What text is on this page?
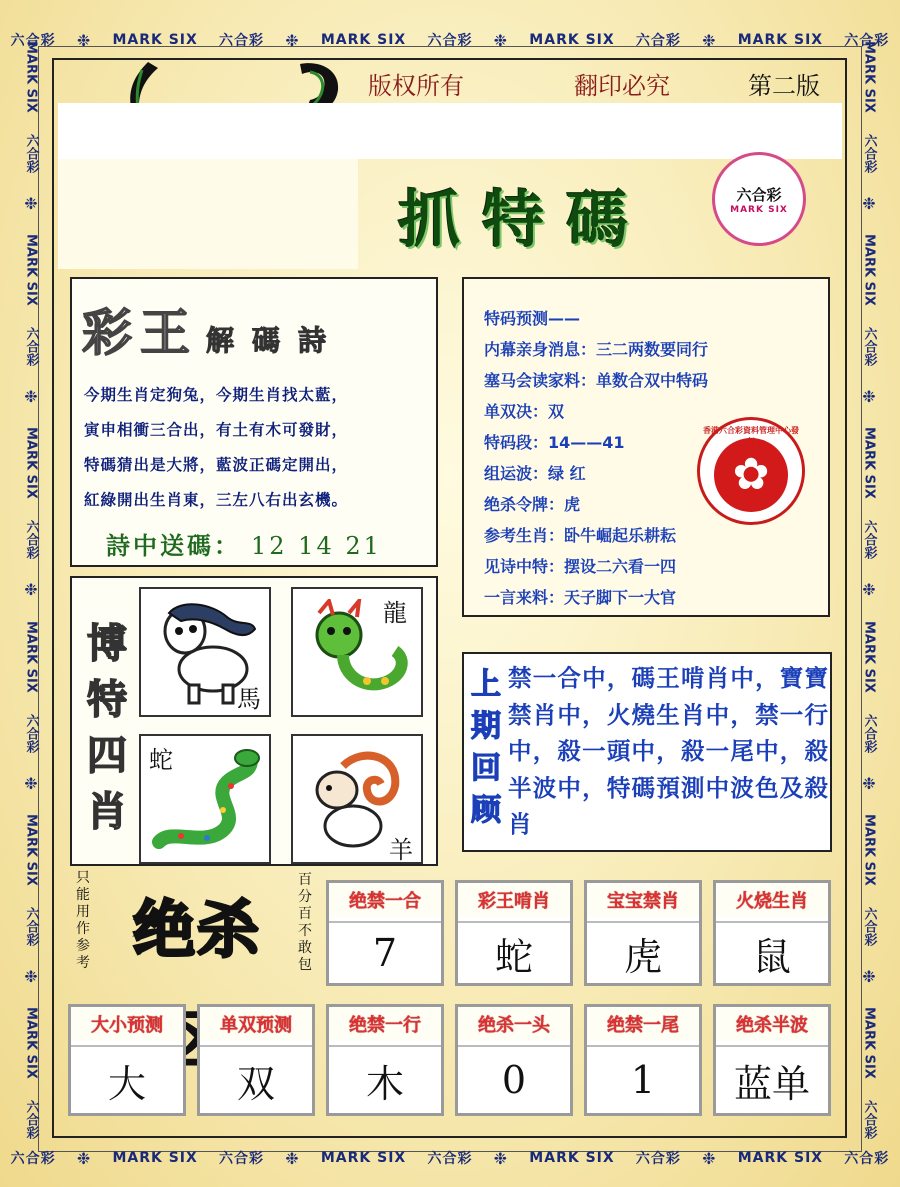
六合彩 ❉ MARK SIX 六合彩 ❉ MARK SIX 六合彩 ❉ MARK SIX 六合彩 ❉ MARK SIX 六合彩
六合彩 ❉ MARK SIX 六合彩 ❉ MARK SIX 六合彩 ❉ MARK SIX 六合彩 ❉ MARK SIX 六合彩
MARK SIX
六合彩
❉
MARK SIX
六合彩
❉
MARK SIX
六合彩
❉
MARK SIX
六合彩
❉
MARK SIX
六合彩
❉
MARK SIX
六合彩
MARK SIX
六合彩
❉
MARK SIX
六合彩
❉
MARK SIX
六合彩
❉
MARK SIX
六合彩
❉
MARK SIX
六合彩
❉
MARK SIX
六合彩
版权所有	翻印必究	第二版
抓特碼	六合彩
MARK SIX
彩王 解碼詩
今期生肖定狗兔，今期生肖找太藍，
寅申相衝三合出，有土有木可發財，
特碼猜出是大將，藍波正碼定開出，
紅綠開出生肖東，三左八右出玄機。
詩中送碼： 12 14 21
特码预测——
内幕亲身消息：三二两数要同行
塞马会读家料：单数合双中特码
单双决：双
特码段：14——41
组运波：绿 红
绝杀令牌：虎
参考生肖：卧牛崛起乐耕耘
见诗中特：摆设二六看一四
一言来料：天子脚下一大官
香港六合彩資料管理中心發行
✿
博
特
四
肖
馬
龍
蛇
羊
上
期
回
顾
禁一合中，碼王啃肖中，寶寶禁肖中，火燒生肖中，禁一行中，殺一頭中，殺一尾中，殺半波中，特碼預測中波色及殺肖
只
能
用
作
参
考 绝杀
百
分
百
不
敢
包
绝禁一合
7
彩王啃肖
蛇
宝宝禁肖
虎
火烧生肖
鼠
大小预测
大
单双预测
双
绝禁一行
木
绝杀一头
0
绝禁一尾
1
绝杀半波
蓝单
